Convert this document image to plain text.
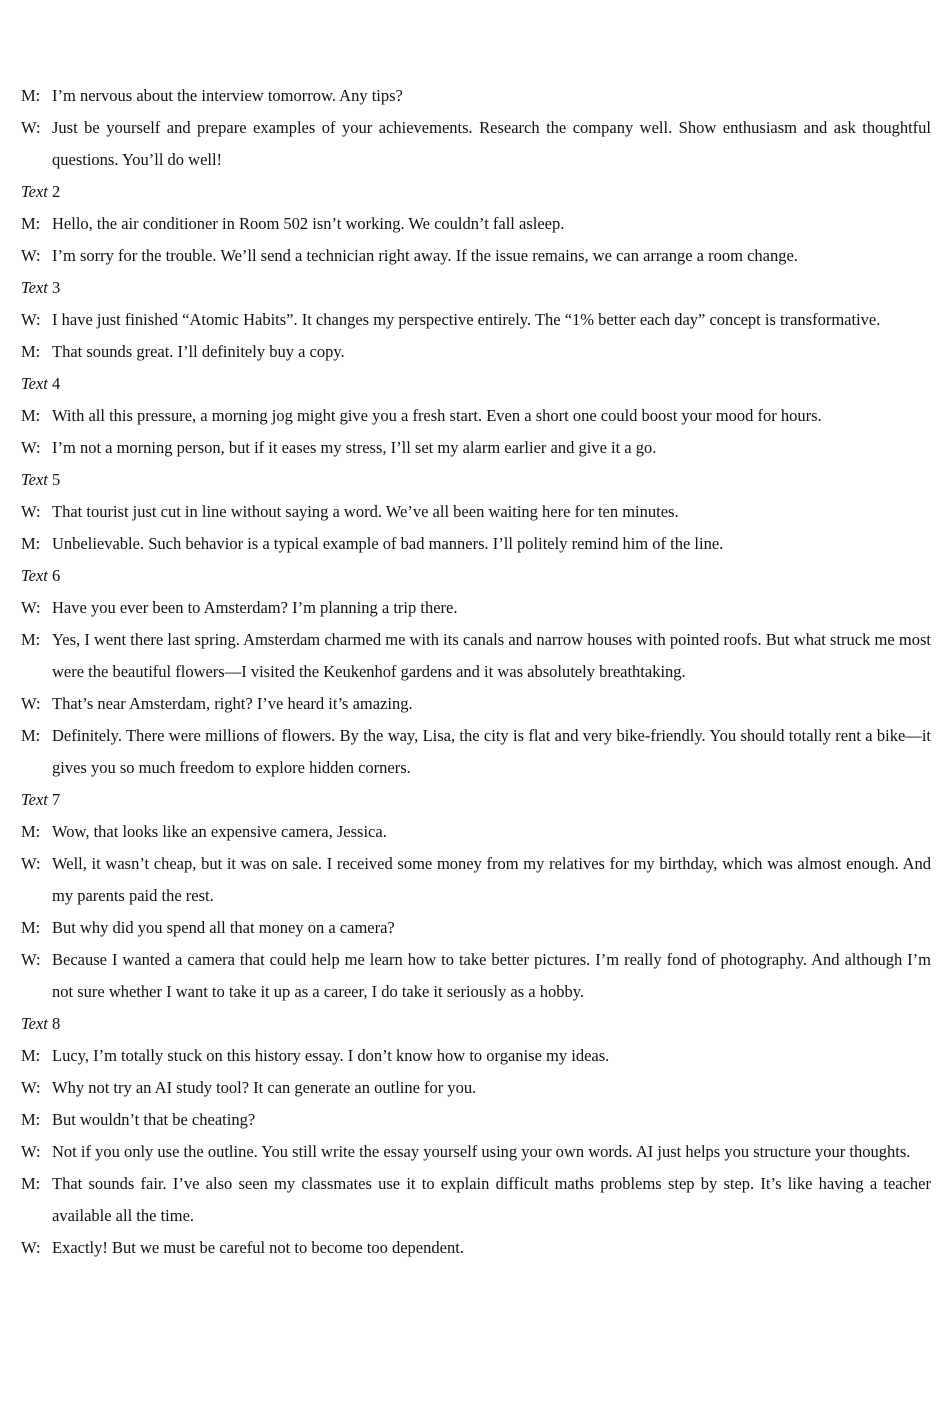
M: I’m nervous about the interview tomorrow. Any tips?
W: Just be yourself and prepare examples of your achievements. Research the company well. Show enthusiasm and ask thoughtful questions. You’ll do well!
Text 2
M: Hello, the air conditioner in Room 502 isn’t working. We couldn’t fall asleep.
W: I’m sorry for the trouble. We’ll send a technician right away. If the issue remains, we can arrange a room change.
Text 3
W: I have just finished “Atomic Habits”. It changes my perspective entirely. The “1% better each day” concept is transformative.
M: That sounds great. I’ll definitely buy a copy.
Text 4
M: With all this pressure, a morning jog might give you a fresh start. Even a short one could boost your mood for hours.
W: I’m not a morning person, but if it eases my stress, I’ll set my alarm earlier and give it a go.
Text 5
W: That tourist just cut in line without saying a word. We’ve all been waiting here for ten minutes.
M: Unbelievable. Such behavior is a typical example of bad manners. I’ll politely remind him of the line.
Text 6
W: Have you ever been to Amsterdam? I’m planning a trip there.
M: Yes, I went there last spring. Amsterdam charmed me with its canals and narrow houses with pointed roofs. But what struck me most were the beautiful flowers—I visited the Keukenhof gardens and it was absolutely breathtaking.
W: That’s near Amsterdam, right? I’ve heard it’s amazing.
M: Definitely. There were millions of flowers. By the way, Lisa, the city is flat and very bike-friendly. You should totally rent a bike—it gives you so much freedom to explore hidden corners.
Text 7
M: Wow, that looks like an expensive camera, Jessica.
W: Well, it wasn’t cheap, but it was on sale. I received some money from my relatives for my birthday, which was almost enough. And my parents paid the rest.
M: But why did you spend all that money on a camera?
W: Because I wanted a camera that could help me learn how to take better pictures. I’m really fond of photography. And although I’m not sure whether I want to take it up as a career, I do take it seriously as a hobby.
Text 8
M: Lucy, I’m totally stuck on this history essay. I don’t know how to organise my ideas.
W: Why not try an AI study tool? It can generate an outline for you.
M: But wouldn’t that be cheating?
W: Not if you only use the outline. You still write the essay yourself using your own words. AI just helps you structure your thoughts.
M: That sounds fair. I’ve also seen my classmates use it to explain difficult maths problems step by step. It’s like having a teacher available all the time.
W: Exactly! But we must be careful not to become too dependent.
